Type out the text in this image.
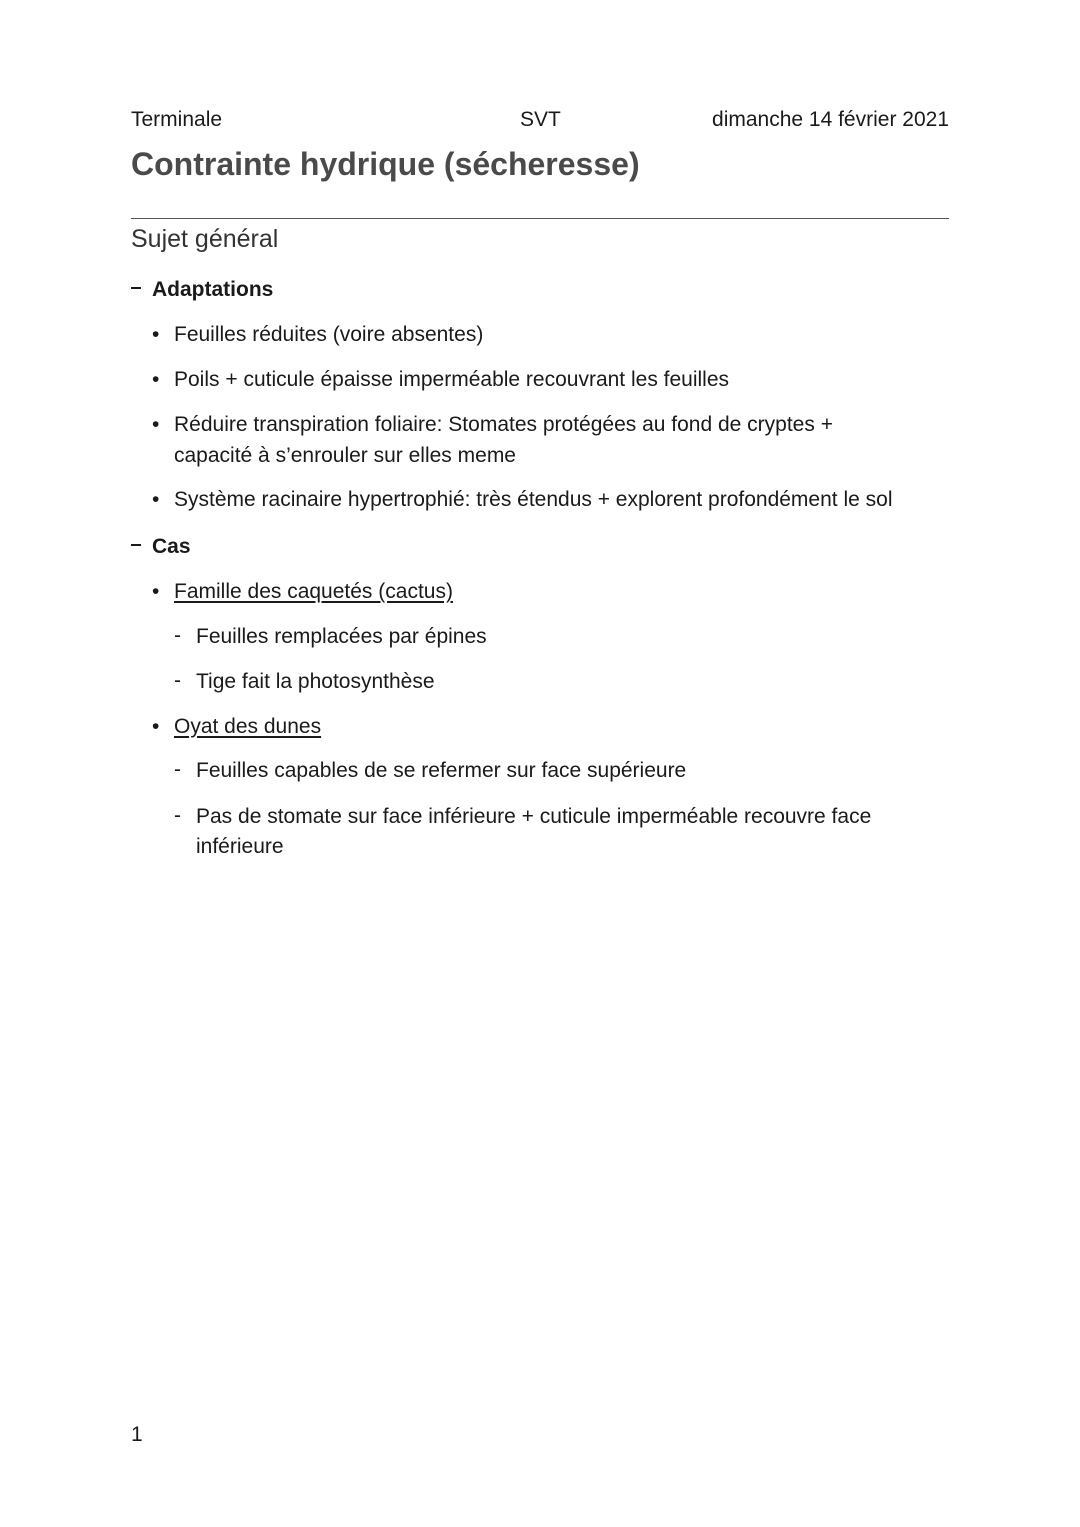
Terminale	SVT	dimanche 14 février 2021
Contrainte hydrique (sécheresse)
Sujet général
Adaptations
• Feuilles réduites (voire absentes)
• Poils + cuticule épaisse imperméable recouvrant les feuilles
• Réduire transpiration foliaire: Stomates protégées au fond de cryptes +
capacité à s’enrouler sur elles meme
• Système racinaire hypertrophié: très étendus + explorent profondément le sol
Cas
• Famille des caquetés (cactus)
- Feuilles remplacées par épines
- Tige fait la photosynthèse
• Oyat des dunes
- Feuilles capables de se refermer sur face supérieure
- Pas de stomate sur face inférieure + cuticule imperméable recouvre face
inférieure
1
